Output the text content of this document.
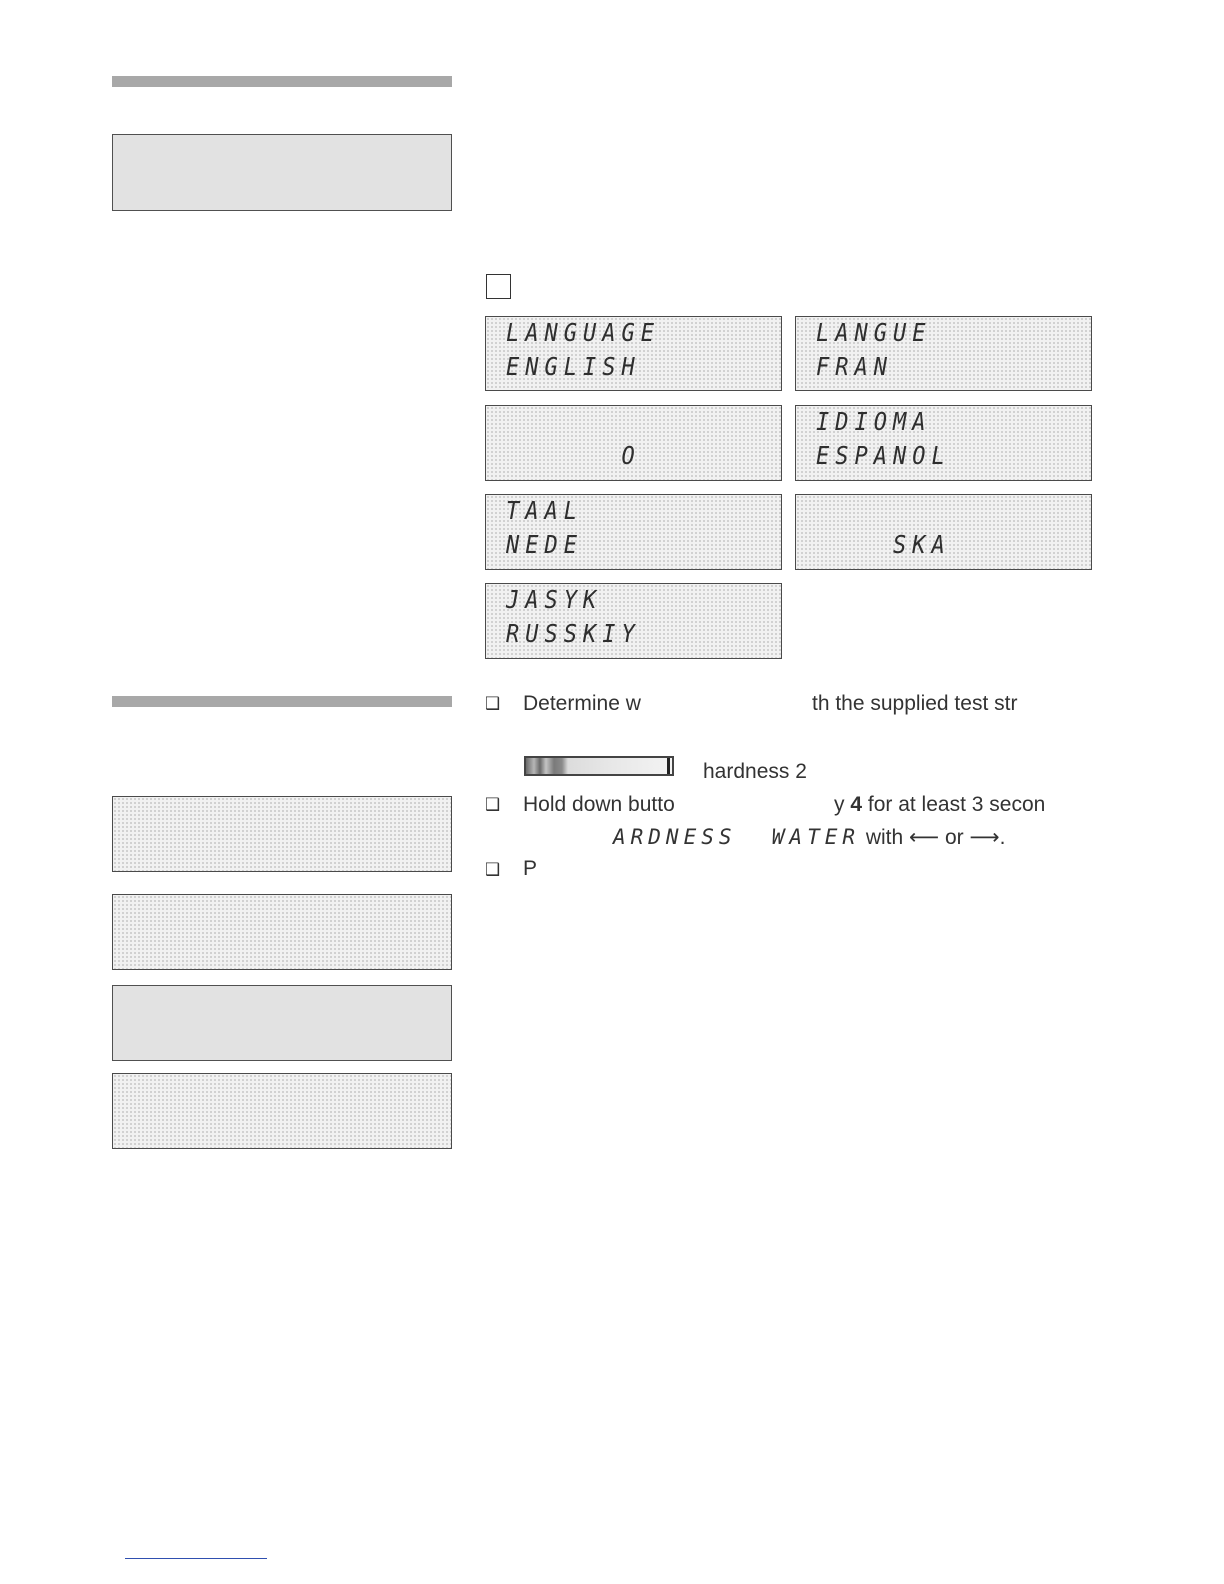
LANGUAGE
ENGLISH
LANGUE
FRAN
O
IDIOMA
ESPANOL
TAAL
NEDE	SKA
JASYK
RUSSKIY
❑ Determine w	th the supplied test str
hardness 2
❑ Hold down butto	y 4 for at least 3 secon
ARDNESS  WATER with ⟵ or ⟶.
❑ P
